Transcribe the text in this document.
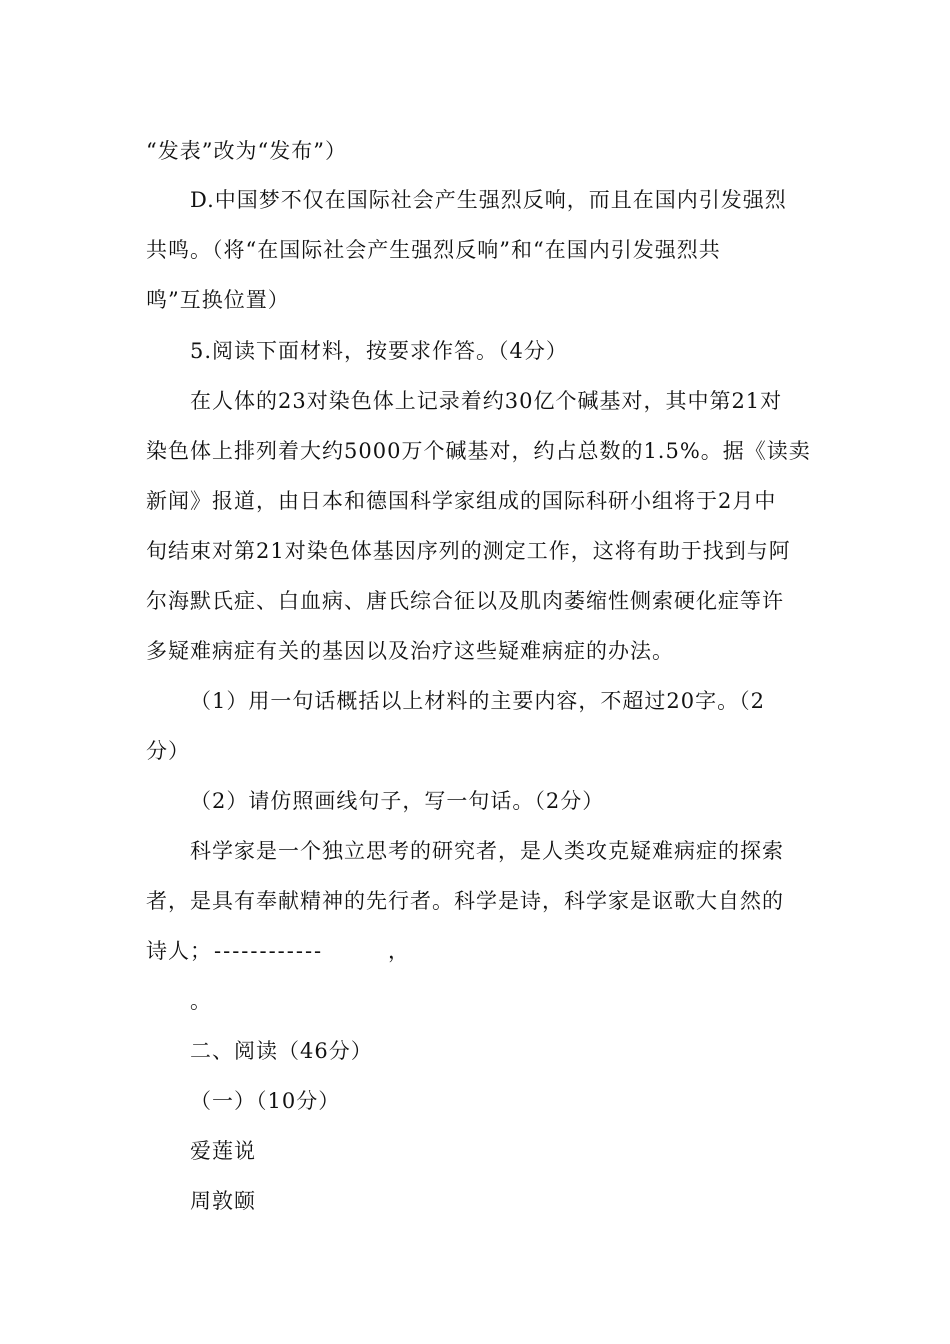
“发表”改为“发布”）
D.中国梦不仅在国际社会产生强烈反响，而且在国内引发强烈
共鸣。（将“在国际社会产生强烈反响”和“在国内引发强烈共
鸣”互换位置）
5.阅读下面材料，按要求作答。（4分）
在人体的23对染色体上记录着约30亿个碱基对，其中第21对
染色体上排列着大约5000万个碱基对，约占总数的1.5%。据《读卖
新闻》报道，由日本和德国科学家组成的国际科研小组将于2月中
旬结束对第21对染色体基因序列的测定工作，这将有助于找到与阿
尔海默氏症、白血病、唐氏综合征以及肌肉萎缩性侧索硬化症等许
多疑难病症有关的基因以及治疗这些疑难病症的办法。
（1）用一句话概括以上材料的主要内容，不超过20字。（2
分）
（2）请仿照画线句子，写一句话。（2分）
科学家是一个独立思考的研究者，是人类攻克疑难病症的探索
者，是具有奉献精神的先行者。科学是诗，科学家是讴歌大自然的
诗人； ------------	，
。
二、阅读（46分）
（一）（10分）
爱莲说
周敦颐
